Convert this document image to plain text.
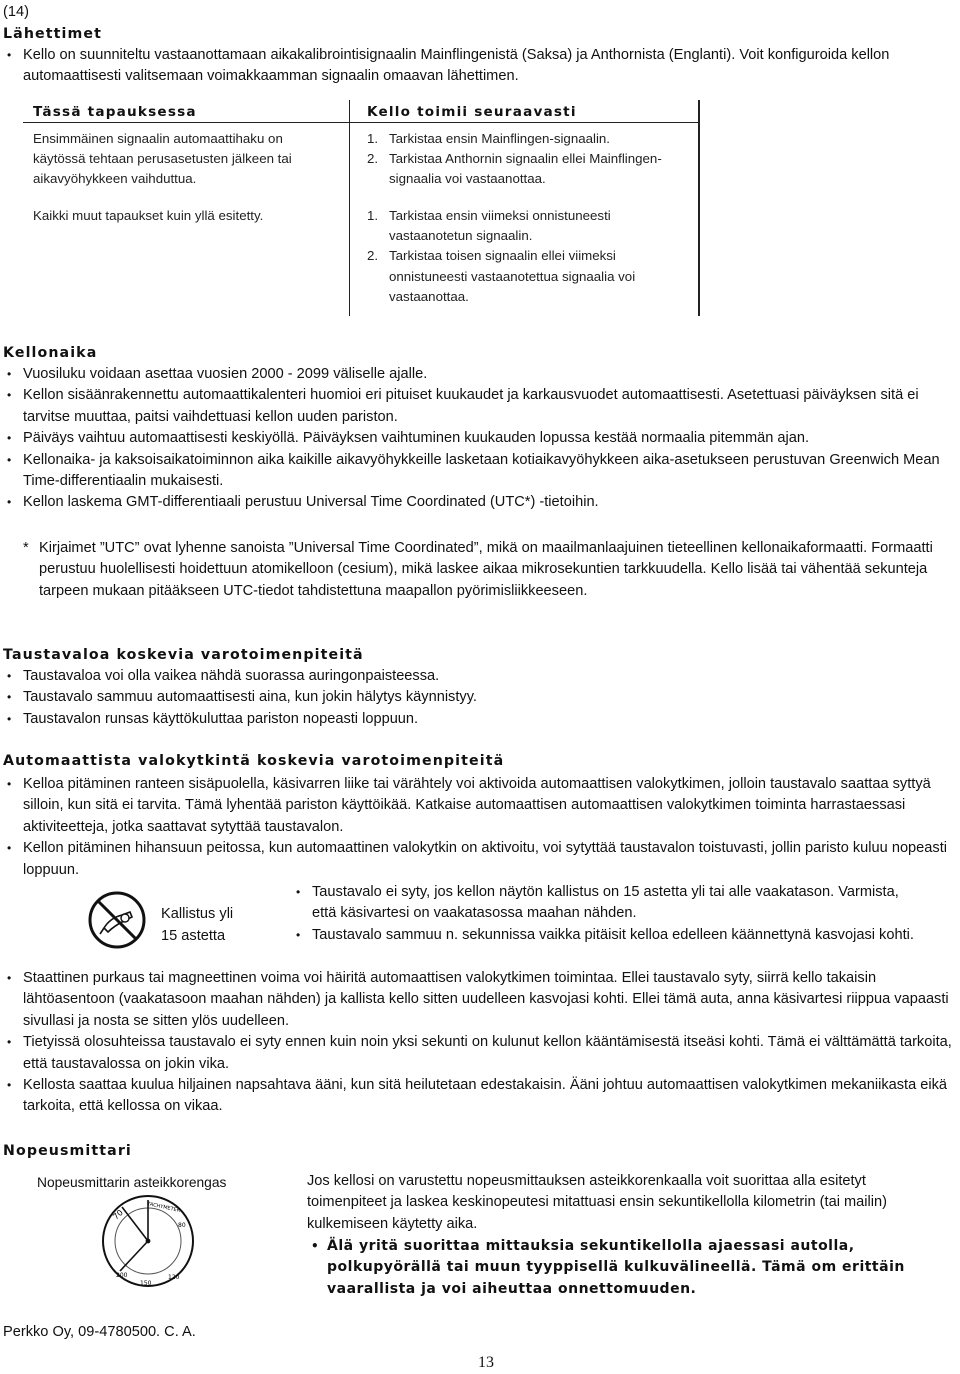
(14)
Lähettimet
• Kello on suunniteltu vastaanottamaan aikakalibrointisignaalin Mainflingenistä (Saksa) ja Anthornista (Englanti). Voit konfiguroida kellon automaattisesti valitsemaan voimakkaamman signaalin omaavan lähettimen.
Tässä tapauksessa	Kello toimii seuraavasti
Ensimmäinen signaalin automaattihaku on käytössä tehtaan perusasetusten jälkeen tai aikavyöhykkeen vaihduttua.
1. Tarkistaa ensin Mainflingen-signaalin.
2. Tarkistaa Anthornin signaalin ellei Mainflingen-signaalia voi vastaanottaa.
Kaikki muut tapaukset kuin yllä esitetty.	1. Tarkistaa ensin viimeksi onnistuneesti vastaanotetun signaalin.
2. Tarkistaa toisen signaalin ellei viimeksi onnistuneesti vastaanotettua signaalia voi vastaanottaa.
Kellonaika
• Vuosiluku voidaan asettaa vuosien 2000 - 2099 väliselle ajalle.
• Kellon sisäänrakennettu automaattikalenteri huomioi eri pituiset kuukaudet ja karkausvuodet automaattisesti. Asetettuasi päiväyksen sitä ei tarvitse muuttaa, paitsi vaihdettuasi kellon uuden pariston.
• Päiväys vaihtuu automaattisesti keskiyöllä. Päiväyksen vaihtuminen kuukauden lopussa kestää normaalia pitemmän ajan.
• Kellonaika- ja kaksoisaikatoiminnon aika kaikille aikavyöhykkeille lasketaan kotiaikavyöhykkeen aika-asetukseen perustuvan Greenwich Mean Time-differentiaalin mukaisesti.
• Kellon laskema GMT-differentiaali perustuu Universal Time Coordinated (UTC*) -tietoihin.
* Kirjaimet ”UTC” ovat lyhenne sanoista ”Universal Time Coordinated”, mikä on maailmanlaajuinen tieteellinen kellonaikaformaatti. Formaatti perustuu huolellisesti hoidettuun atomikelloon (cesium), mikä laskee aikaa mikrosekuntien tarkkuudella. Kello lisää tai vähentää sekunteja tarpeen mukaan pitääkseen UTC-tiedot tahdistettuna maapallon pyörimisliikkeeseen.
Taustavaloa koskevia varotoimenpiteitä
• Taustavaloa voi olla vaikea nähdä suorassa auringonpaisteessa.
• Taustavalo sammuu automaattisesti aina, kun jokin hälytys käynnistyy.
• Taustavalon runsas käyttökuluttaa pariston nopeasti loppuun.
Automaattista valokytkintä koskevia varotoimenpiteitä
• Kelloa pitäminen ranteen sisäpuolella, käsivarren liike tai värähtely voi aktivoida automaattisen valokytkimen, jolloin taustavalo saattaa syttyä silloin, kun sitä ei tarvita. Tämä lyhentää pariston käyttöikää. Katkaise automaattisen automaattisen valokytkimen toiminta harrastaessasi aktiviteetteja, jotka saattavat sytyttää taustavalon.
• Kellon pitäminen hihansuun peitossa, kun automaattinen valokytkin on aktivoitu, voi sytyttää taustavalon toistuvasti, jollin paristo kuluu nopeasti loppuun.
Kallistus yli
15 astetta
• Taustavalo ei syty, jos kellon näytön kallistus on 15 astetta yli tai alle vaakatason. Varmista, että käsivartesi on vaakatasossa maahan nähden.
• Taustavalo sammuu n. sekunnissa vaikka pitäisit kelloa edelleen käännettynä kasvojasi kohti.
• Staattinen purkaus tai magneettinen voima voi häiritä automaattisen valokytkimen toimintaa. Ellei taustavalo syty, siirrä kello takaisin lähtöasentoon (vaakatasoon maahan nähden) ja kallista kello sitten uudelleen kasvojasi kohti. Ellei tämä auta, anna käsivartesi riippua vapaasti sivullasi ja nosta se sitten ylös uudelleen.
• Tietyissä olosuhteissa taustavalo ei syty ennen kuin noin yksi sekunti on kulunut kellon kääntämisestä itseäsi kohti. Tämä ei välttämättä tarkoita, että taustavalossa on jokin vika.
• Kellosta saattaa kuulua hiljainen napsahtava ääni, kun sitä heilutetaan edestakaisin. Ääni johtuu automaattisen valokytkimen mekaniikasta eikä tarkoita, että kellossa on vikaa.
Nopeusmittari
Nopeusmittarin asteikkorengas
70
TACHYMETER
80
120
150
200
Jos kellosi on varustettu nopeusmittauksen asteikkorenkaalla voit suorittaa alla esitetyt toimenpiteet ja laskea keskinopeutesi mitattuasi ensin sekuntikellolla kilometrin (tai mailin) kulkemiseen käytetty aika.
• Älä yritä suorittaa mittauksia sekuntikellolla ajaessasi autolla, polkupyörällä tai muun tyyppisellä kulkuvälineellä. Tämä om erittäin vaarallista ja voi aiheuttaa onnettomuuden.
Perkko Oy, 09-4780500. C. A.
13
